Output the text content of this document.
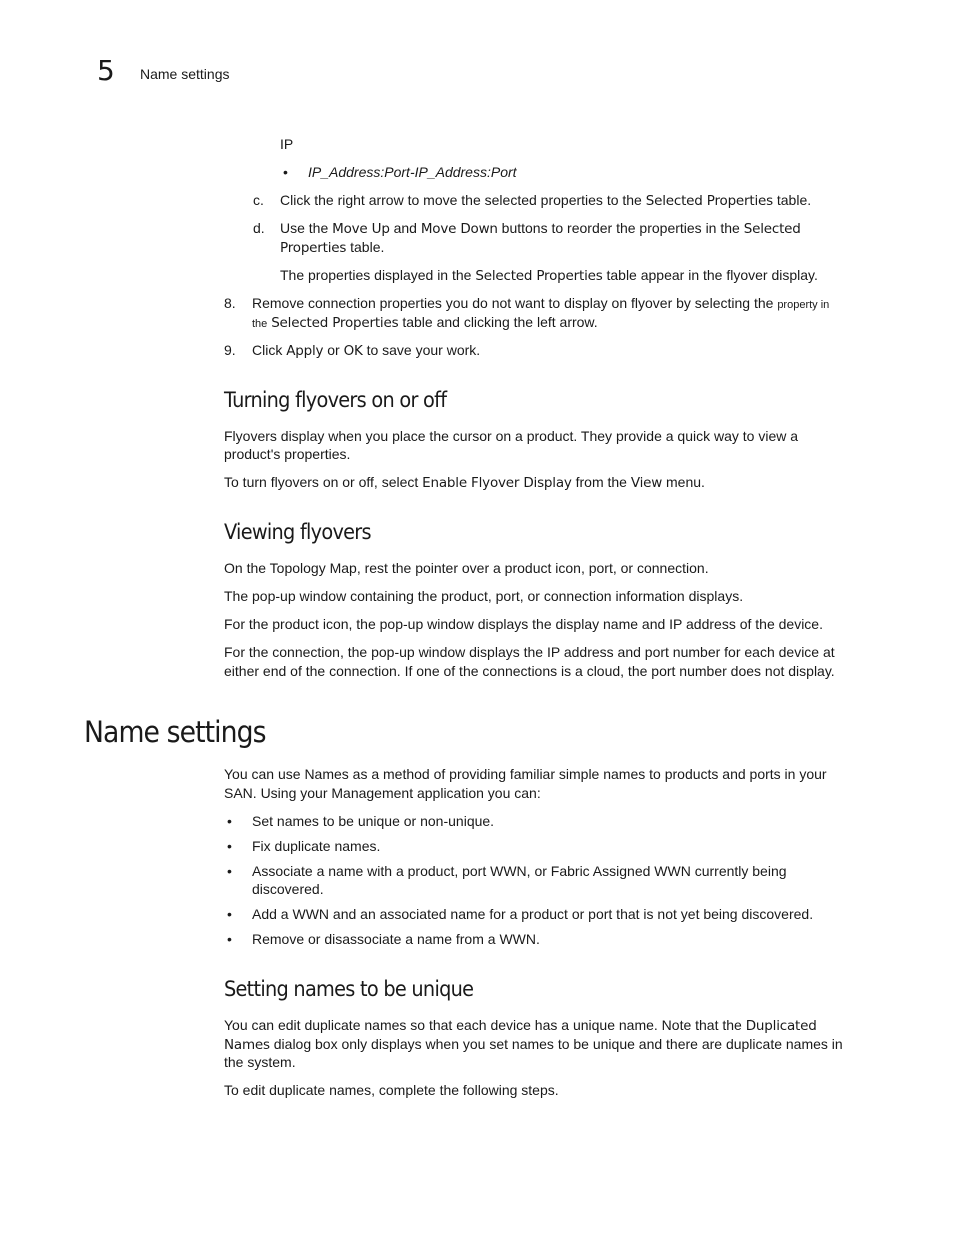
5 Name settings
IP
• IP_Address:Port-IP_Address:Port
c. Click the right arrow to move the selected properties to the Selected Properties table.
d. Use the Move Up and Move Down buttons to reorder the properties in the Selected
Properties table.
The properties displayed in the Selected Properties table appear in the flyover display.
8. Remove connection properties you do not want to display on flyover by selecting the property in
the Selected Properties table and clicking the left arrow.
9. Click Apply or OK to save your work.
Turning flyovers on or off
Flyovers display when you place the cursor on a product. They provide a quick way to view a
product's properties.
To turn flyovers on or off, select Enable Flyover Display from the View menu.
Viewing flyovers
On the Topology Map, rest the pointer over a product icon, port, or connection.
The pop-up window containing the product, port, or connection information displays.
For the product icon, the pop-up window displays the display name and IP address of the device.
For the connection, the pop-up window displays the IP address and port number for each device at
either end of the connection. If one of the connections is a cloud, the port number does not display.
Name settings
You can use Names as a method of providing familiar simple names to products and ports in your
SAN. Using your Management application you can:
• Set names to be unique or non-unique.
• Fix duplicate names.
• Associate a name with a product, port WWN, or Fabric Assigned WWN currently being
discovered.
• Add a WWN and an associated name for a product or port that is not yet being discovered.
• Remove or disassociate a name from a WWN.
Setting names to be unique
You can edit duplicate names so that each device has a unique name. Note that the Duplicated
Names dialog box only displays when you set names to be unique and there are duplicate names in
the system.
To edit duplicate names, complete the following steps.
